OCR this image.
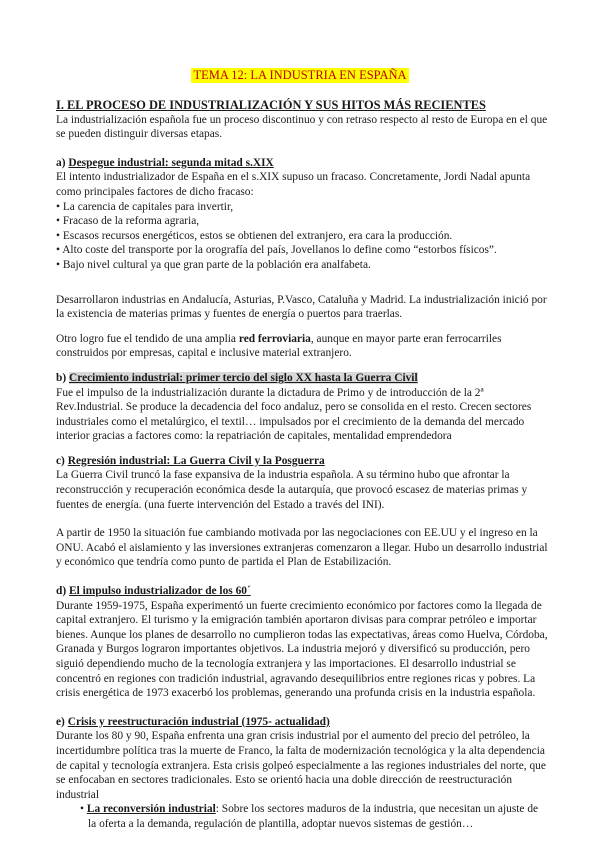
TEMA 12: LA INDUSTRIA EN ESPAÑA

I. EL PROCESO DE INDUSTRIALIZACIÓN Y SUS HITOS MÁS RECIENTES

La industrialización española fue un proceso discontinuo y con retraso respecto al resto de Europa en el que se pueden distinguir diversas etapas.

a) Despegue industrial: segunda mitad s.XIX

El intento industrializador de España en el s.XIX supuso un fracaso. Concretamente, Jordi Nadal apunta como principales factores de dicho fracaso:

• La carencia de capitales para invertir,

• Fracaso de la reforma agraria,

• Escasos recursos energéticos, estos se obtienen del extranjero, era cara la producción.

• Alto coste del transporte por la orografía del país, Jovellanos lo define como “estorbos físicos”.

• Bajo nivel cultural ya que gran parte de la población era analfabeta.

Desarrollaron industrias en Andalucía, Asturias, P.Vasco, Cataluña y Madrid. La industrialización inició por la existencia de materias primas y fuentes de energía o puertos para traerlas.

Otro logro fue el tendido de una amplia red ferroviaria, aunque en mayor parte eran ferrocarriles construidos por empresas, capital e inclusive material extranjero.

b) Crecimiento industrial: primer tercio del siglo XX hasta la Guerra Civil

Fue el impulso de la industrialización durante la dictadura de Primo y de introducción de la 2ª Rev.Industrial. Se produce la decadencia del foco andaluz, pero se consolida en el resto. Crecen sectores industriales como el metalúrgico, el textil… impulsados por el crecimiento de la demanda del mercado interior gracias a factores como: la repatriación de capitales, mentalidad emprendedora

c) Regresión industrial: La Guerra Civil y la Posguerra

La Guerra Civil truncó la fase expansiva de la industria española. A su término hubo que afrontar la reconstrucción y recuperación económica desde la autarquía, que provocó escasez de materias primas y fuentes de energía. (una fuerte intervención del Estado a través del INI).

A partir de 1950 la situación fue cambiando motivada por las negociaciones con EE.UU y el ingreso en la ONU. Acabó el aislamiento y las inversiones extranjeras comenzaron a llegar. Hubo un desarrollo industrial y económico que tendría como punto de partida el Plan de Estabilización.

d) El impulso industrializador de los 60´

Durante 1959-1975, España experimentó un fuerte crecimiento económico por factores como la llegada de capital extranjero. El turismo y la emigración también aportaron divisas para comprar petróleo e importar bienes. Aunque los planes de desarrollo no cumplieron todas las expectativas, áreas como Huelva, Córdoba, Granada y Burgos lograron importantes objetivos. La industria mejoró y diversificó su producción, pero siguió dependiendo mucho de la tecnología extranjera y las importaciones. El desarrollo industrial se concentró en regiones con tradición industrial, agravando desequilibrios entre regiones ricas y pobres. La crisis energética de 1973 exacerbó los problemas, generando una profunda crisis en la industria española.

e) Crisis y reestructuración industrial (1975- actualidad)

Durante los 80 y 90, España enfrenta una gran crisis industrial por el aumento del precio del petróleo, la incertidumbre política tras la muerte de Franco, la falta de modernización tecnológica y la alta dependencia de capital y tecnología extranjera. Esta crisis golpeó especialmente a las regiones industriales del norte, que se enfocaban en sectores tradicionales. Esto se orientó hacia una doble dirección de reestructuración industrial

• La reconversión industrial: Sobre los sectores maduros de la industria, que necesitan un ajuste de la oferta a la demanda, regulación de plantilla, adoptar nuevos sistemas de gestión…
